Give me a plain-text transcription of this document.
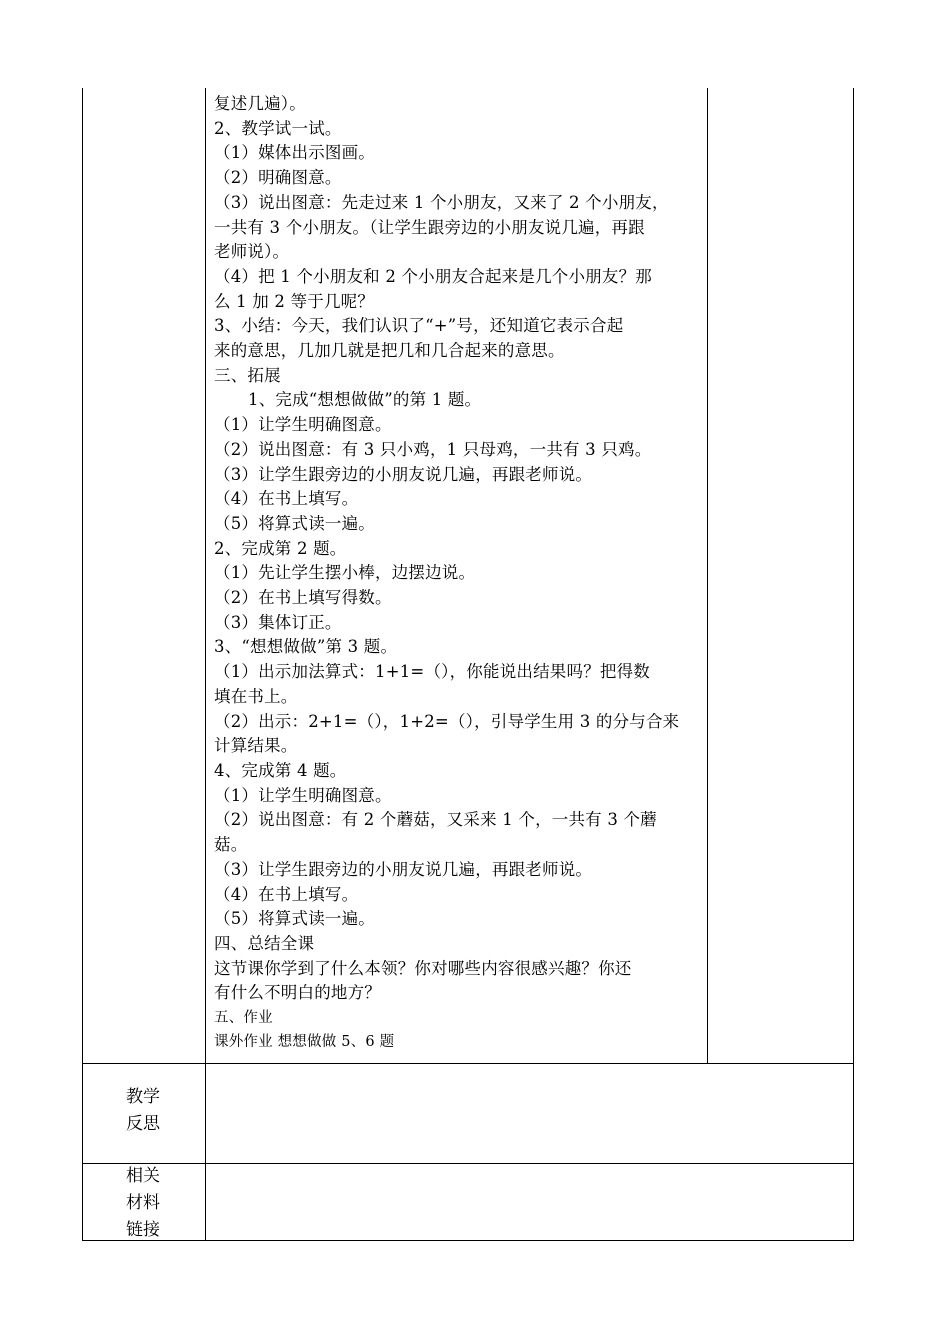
复述几遍）。
2、教学试一试。
（1）媒体出示图画。
（2）明确图意。
（3）说出图意：先走过来 1 个小朋友，又来了 2 个小朋友，
一共有 3 个小朋友。（让学生跟旁边的小朋友说几遍，再跟
老师说）。
（4）把 1 个小朋友和 2 个小朋友合起来是几个小朋友？那
么 1 加 2 等于几呢？
3、小结：今天，我们认识了“+”号，还知道它表示合起
来的意思，几加几就是把几和几合起来的意思。
三、拓展
1、完成“想想做做”的第 1 题。
（1）让学生明确图意。
（2）说出图意：有 3 只小鸡，1 只母鸡，一共有 3 只鸡。
（3）让学生跟旁边的小朋友说几遍，再跟老师说。
（4）在书上填写。
（5）将算式读一遍。
2、完成第 2 题。
（1）先让学生摆小棒，边摆边说。
（2）在书上填写得数。
（3）集体订正。
3、“想想做做”第 3 题。
（1）出示加法算式：1+1=（），你能说出结果吗？把得数
填在书上。
（2）出示：2+1=（），1+2=（），引导学生用 3 的分与合来
计算结果。
4、完成第 4 题。
（1）让学生明确图意。
（2）说出图意：有 2 个蘑菇，又采来 1 个，一共有 3 个蘑
菇。
（3）让学生跟旁边的小朋友说几遍，再跟老师说。
（4）在书上填写。
（5）将算式读一遍。
四、总结全课
这节课你学到了什么本领？你对哪些内容很感兴趣？你还
有什么不明白的地方？
五、作业
课外作业 想想做做 5、6 题
教学
反思
相关
材料
链接
